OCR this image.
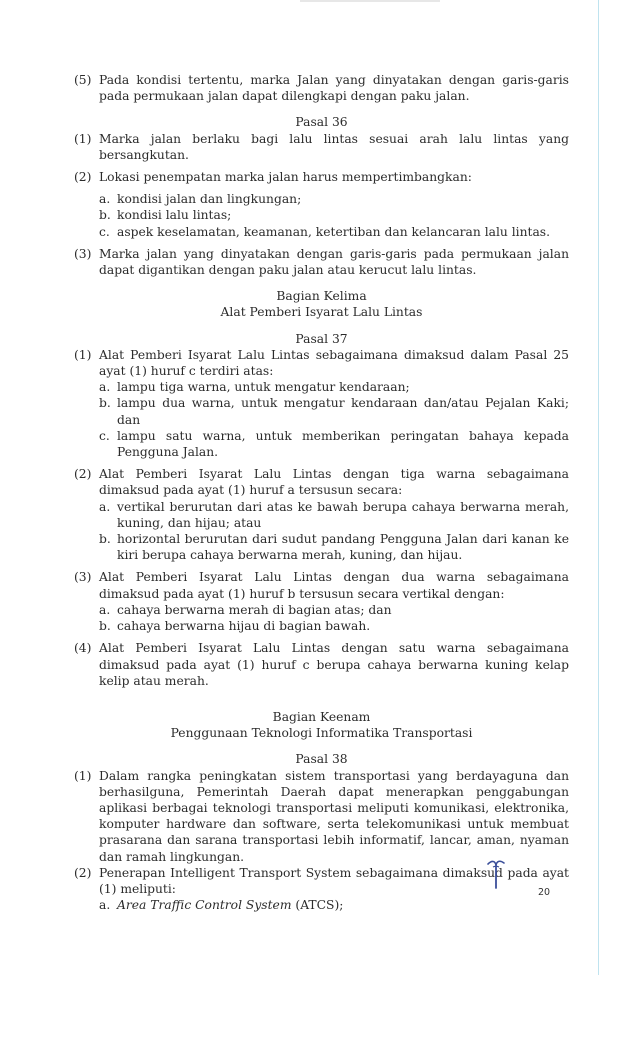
(5) Pada kondisi tertentu, marka Jalan yang dinyatakan dengan garis-garis pada permukaan jalan dapat dilengkapi dengan paku jalan.
Pasal 36
(1) Marka jalan berlaku bagi lalu lintas sesuai arah lalu lintas yang bersangkutan.
(2) Lokasi penempatan marka jalan harus mempertimbangkan:
a. kondisi jalan dan lingkungan;
b. kondisi lalu lintas;
c. aspek keselamatan, keamanan, ketertiban dan kelancaran lalu lintas.
(3) Marka jalan yang dinyatakan dengan garis-garis pada permukaan jalan dapat digantikan dengan paku jalan atau kerucut lalu lintas.
Bagian Kelima
Alat Pemberi Isyarat Lalu Lintas
Pasal 37
(1) Alat Pemberi Isyarat Lalu Lintas sebagaimana dimaksud dalam Pasal 25 ayat (1) huruf c terdiri atas:
a. lampu tiga warna, untuk mengatur kendaraan;
b. lampu dua warna, untuk mengatur kendaraan dan/atau Pejalan Kaki; dan
c. lampu satu warna, untuk memberikan peringatan bahaya kepada Pengguna Jalan.
(2) Alat Pemberi Isyarat Lalu Lintas dengan tiga warna sebagaimana dimaksud pada ayat (1) huruf a tersusun secara:
a. vertikal berurutan dari atas ke bawah berupa cahaya berwarna merah, kuning, dan hijau; atau
b. horizontal berurutan dari sudut pandang Pengguna Jalan dari kanan ke kiri berupa cahaya berwarna merah, kuning, dan hijau.
(3) Alat Pemberi Isyarat Lalu Lintas dengan dua warna sebagaimana dimaksud pada ayat (1) huruf b tersusun secara vertikal dengan:
a. cahaya berwarna merah di bagian atas; dan
b. cahaya berwarna hijau di bagian bawah.
(4) Alat Pemberi Isyarat Lalu Lintas dengan satu warna sebagaimana dimaksud pada ayat (1) huruf c berupa cahaya berwarna kuning kelap kelip atau merah.
Bagian Keenam
Penggunaan Teknologi Informatika Transportasi
Pasal 38
(1) Dalam rangka peningkatan sistem transportasi yang berdayaguna dan berhasilguna, Pemerintah Daerah dapat menerapkan penggabungan aplikasi berbagai teknologi transportasi meliputi komunikasi, elektronika, komputer hardware dan software, serta telekomunikasi untuk membuat prasarana dan sarana transportasi lebih informatif, lancar, aman, nyaman dan ramah lingkungan.
(2) Penerapan Intelligent Transport System sebagaimana dimaksud pada ayat (1) meliputi:
a. Area Traffic Control System (ATCS);
20
